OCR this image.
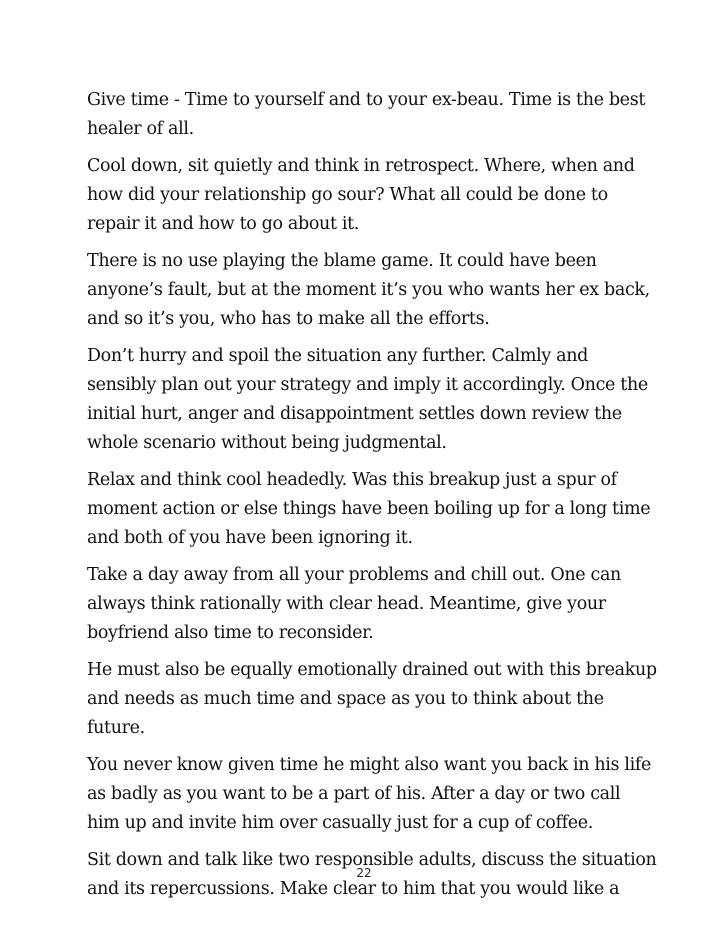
Give time - Time to yourself and to your ex-beau. Time is the best healer of all.

Cool down, sit quietly and think in retrospect. Where, when and how did your relationship go sour? What all could be done to repair it and how to go about it.

There is no use playing the blame game. It could have been anyone’s fault, but at the moment it’s you who wants her ex back, and so it’s you, who has to make all the efforts.

Don’t hurry and spoil the situation any further. Calmly and sensibly plan out your strategy and imply it accordingly. Once the initial hurt, anger and disappointment settles down review the whole scenario without being judgmental.

Relax and think cool headedly. Was this breakup just a spur of moment action or else things have been boiling up for a long time and both of you have been ignoring it.

Take a day away from all your problems and chill out. One can always think rationally with clear head. Meantime, give your boyfriend also time to reconsider.

He must also be equally emotionally drained out with this breakup and needs as much time and space as you to think about the future.

You never know given time he might also want you back in his life as badly as you want to be a part of his. After a day or two call him up and invite him over casually just for a cup of coffee.

Sit down and talk like two responsible adults, discuss the situation and its repercussions. Make clear to him that you would like a

22
